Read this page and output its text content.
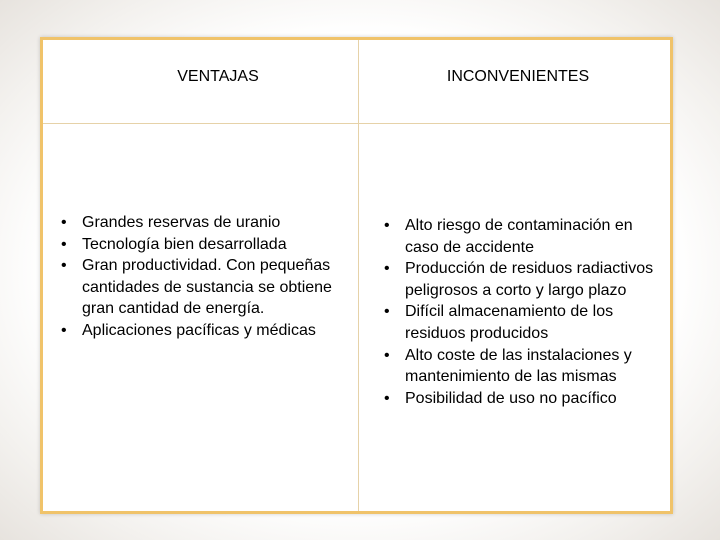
VENTAJAS	INCONVENIENTES
• Grandes reservas de uranio
• Tecnología bien desarrollada
• Gran productividad. Con pequeñas cantidades de sustancia se obtiene gran cantidad de energía.
• Aplicaciones pacíficas y médicas
• Alto riesgo de contaminación en caso de accidente
• Producción de residuos radiactivos peligrosos a corto y largo plazo
• Difícil almacenamiento de los residuos producidos
• Alto coste de las instalaciones y mantenimiento de las mismas
• Posibilidad de uso no pacífico
